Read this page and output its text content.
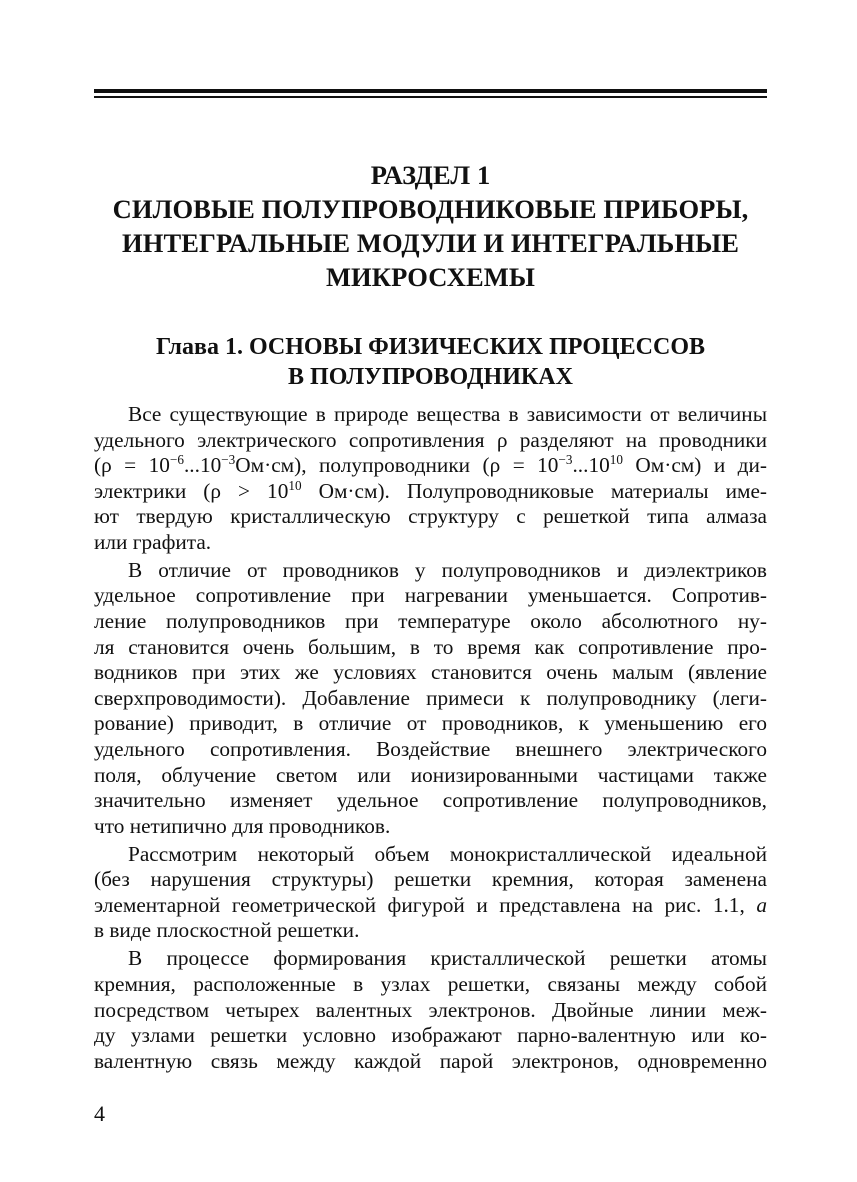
РАЗДЕЛ 1
СИЛОВЫЕ ПОЛУПРОВОДНИКОВЫЕ ПРИБОРЫ,
ИНТЕГРАЛЬНЫЕ МОДУЛИ И ИНТЕГРАЛЬНЫЕ
МИКРОСХЕМЫ
Глава 1. ОСНОВЫ ФИЗИЧЕСКИХ ПРОЦЕССОВ
В ПОЛУПРОВОДНИКАХ
Все существующие в природе вещества в зависимости от величины
удельного электрического сопротивления ρ разделяют на проводники
$(\rho = 10^{-6}...10^{-3}Ом\cdot см)$, полупроводники ($\rho = 10^{-3}...10^{10}$ Ом·см) и ди-
электрики ($\rho > 10^{10}$ Ом·см). Полупроводниковые материалы име-
ют твердую кристаллическую структуру с решеткой типа алмаза
или графита.
В отличие от проводников у полупроводников и диэлектриков
удельное сопротивление при нагревании уменьшается. Сопротив-
ление полупроводников при температуре около абсолютного ну-
ля становится очень большим, в то время как сопротивление про-
водников при этих же условиях становится очень малым (явление
сверхпроводимости). Добавление примеси к полупроводнику (леги-
рование) приводит, в отличие от проводников, к уменьшению его
удельного сопротивления. Воздействие внешнего электрического
поля, облучение светом или ионизированными частицами также
значительно изменяет удельное сопротивление полупроводников,
что нетипично для проводников.
Рассмотрим некоторый объем монокристаллической идеальной
(без нарушения структуры) решетки кремния, которая заменена
элементарной геометрической фигурой и представлена на рис. 1.1, а
в виде плоскостной решетки.
В процессе формирования кристаллической решетки атомы
кремния, расположенные в узлах решетки, связаны между собой
посредством четырех валентных электронов. Двойные линии меж-
ду узлами решетки условно изображают парно-валентную или ко-
валентную связь между каждой парой электронов, одновременно
4
